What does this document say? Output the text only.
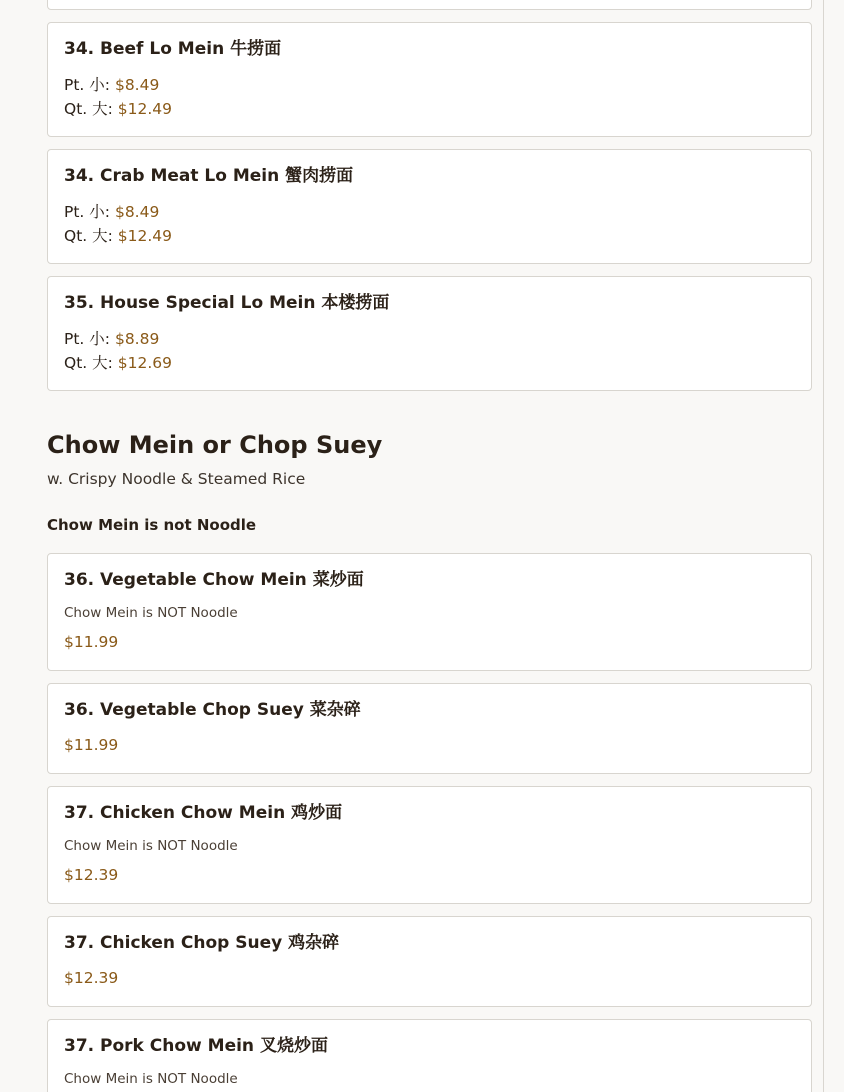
34. Beef Lo Mein 牛捞面
Pt. 小: $8.49
Qt. 大: $12.49
34. Crab Meat Lo Mein 蟹肉捞面
Pt. 小: $8.49
Qt. 大: $12.49
35. House Special Lo Mein 本楼捞面
Pt. 小: $8.89
Qt. 大: $12.69
Chow Mein or Chop Suey
w. Crispy Noodle & Steamed Rice
Chow Mein is not Noodle
36. Vegetable Chow Mein 菜炒面
Chow Mein is NOT Noodle
$11.99
36. Vegetable Chop Suey 菜杂碎
$11.99
37. Chicken Chow Mein 鸡炒面
Chow Mein is NOT Noodle
$12.39
37. Chicken Chop Suey 鸡杂碎
$12.39
37. Pork Chow Mein 叉烧炒面
Chow Mein is NOT Noodle
